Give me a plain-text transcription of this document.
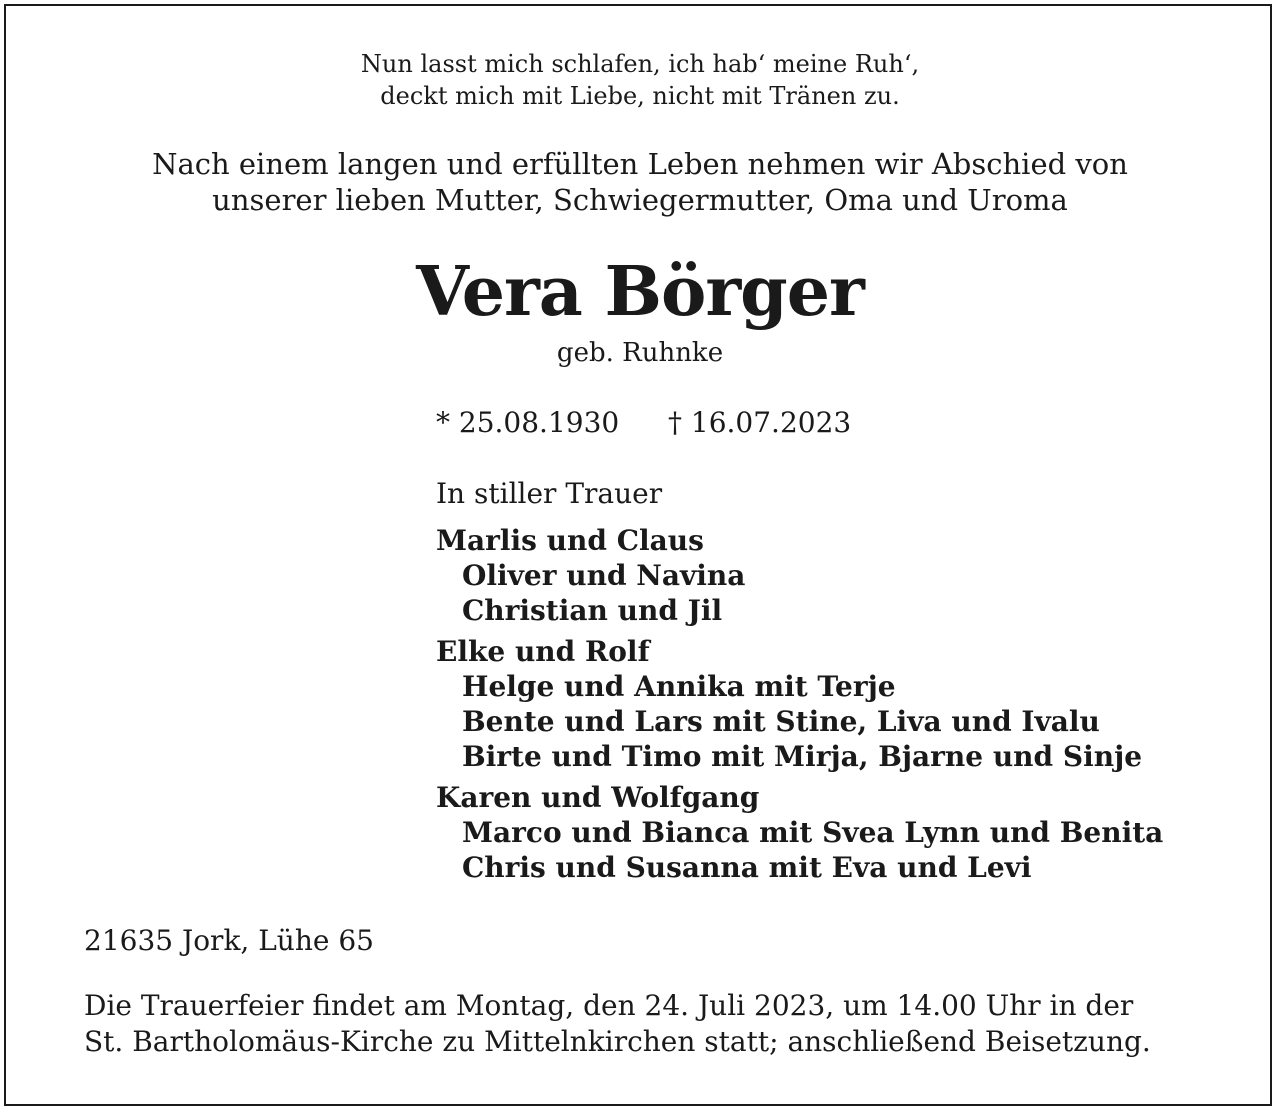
Nun lasst mich schlafen, ich hab‘ meine Ruh‘,
deckt mich mit Liebe, nicht mit Tränen zu.
Nach einem langen und erfüllten Leben nehmen wir Abschied von
unserer lieben Mutter, Schwiegermutter, Oma und Uroma
Vera Börger
geb. Ruhnke
* 25.08.1930 † 16.07.2023
In stiller Trauer
Marlis und Claus
Oliver und Navina
Christian und Jil
Elke und Rolf
Helge und Annika mit Terje
Bente und Lars mit Stine, Liva und Ivalu
Birte und Timo mit Mirja, Bjarne und Sinje
Karen und Wolfgang
Marco und Bianca mit Svea Lynn und Benita
Chris und Susanna mit Eva und Levi
21635 Jork, Lühe 65
Die Trauerfeier findet am Montag, den 24. Juli 2023, um 14.00 Uhr in der
St. Bartholomäus-Kirche zu Mittelnkirchen statt; anschließend Beisetzung.
